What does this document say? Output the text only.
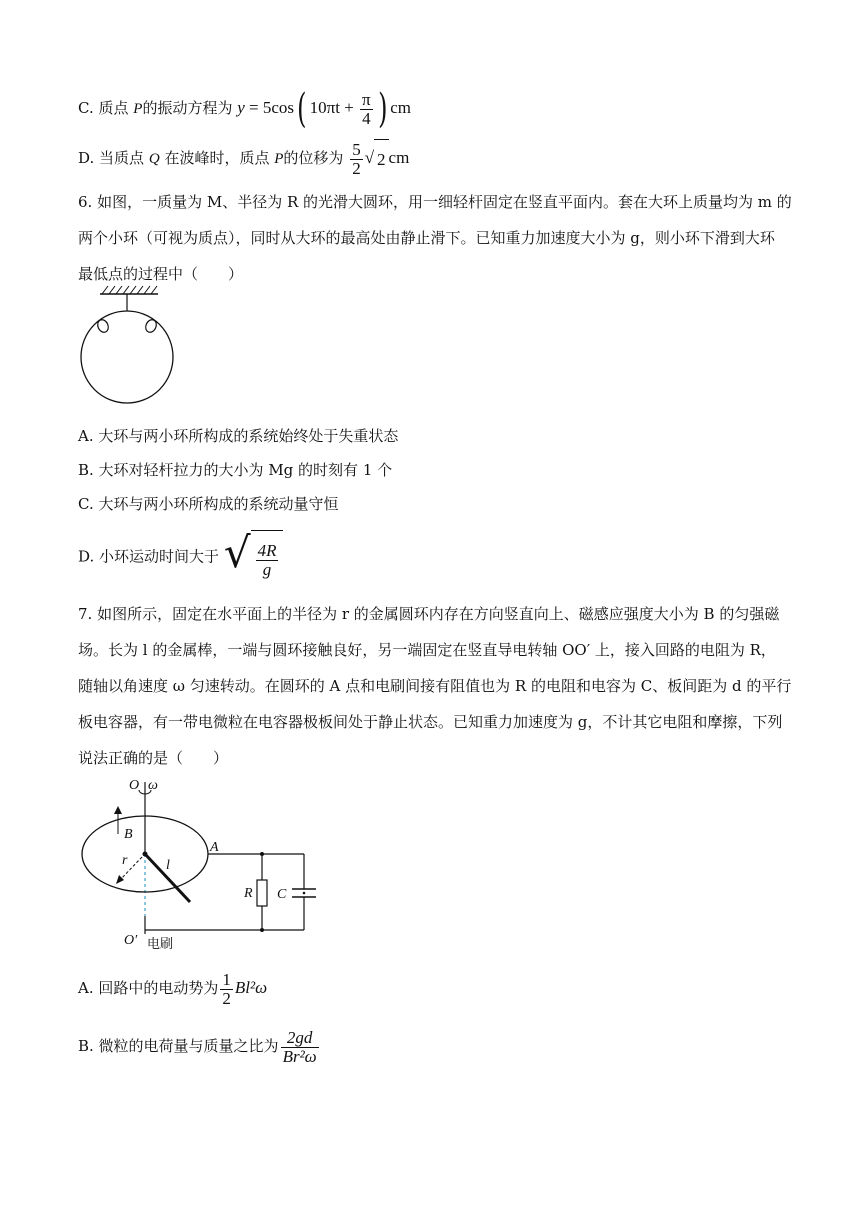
C. 质点 P的振动方程为 y = 5cos( $10\pi t + \frac{\pi}{4}$ ) cm
D. 当质点 Q 在波峰时，质点 P的位移为 $\frac{5}{2}$ √ 2 cm
6. 如图，一质量为 M、半径为 R 的光滑大圆环，用一细轻杆固定在竖直平面内。套在大环上质量均为 m 的
两个小环（可视为质点），同时从大环的最高处由静止滑下。已知重力加速度大小为 g，则小环下滑到大环
最低点的过程中（　　）
A. 大环与两小环所构成的系统始终处于失重状态
B. 大环对轻杆拉力的大小为 Mg 的时刻有 1 个
C. 大环与两小环所构成的系统动量守恒
D. 小环运动时间大于 √ $\frac{4R}{g}$
7. 如图所示，固定在水平面上的半径为 r 的金属圆环内存在方向竖直向上、磁感应强度大小为 B 的匀强磁
场。长为 l 的金属棒，一端与圆环接触良好，另一端固定在竖直导电转轴 OO′ 上，接入回路的电阻为 R，
随轴以角速度 ω 匀速转动。在圆环的 A 点和电刷间接有阻值也为 R 的电阻和电容为 C、板间距为 d 的平行
板电容器，有一带电微粒在电容器极板间处于静止状态。已知重力加速度为 g，不计其它电阻和摩擦，下列
说法正确的是（　　）
O ω
B
l
r
A
R C
O′ 电刷
A. 回路中的电动势为 $\frac{1}{2} Bl^2\omega$
B. 微粒的电荷量与质量之比为 $\frac{2gd}{\text{Br²ω}}$
